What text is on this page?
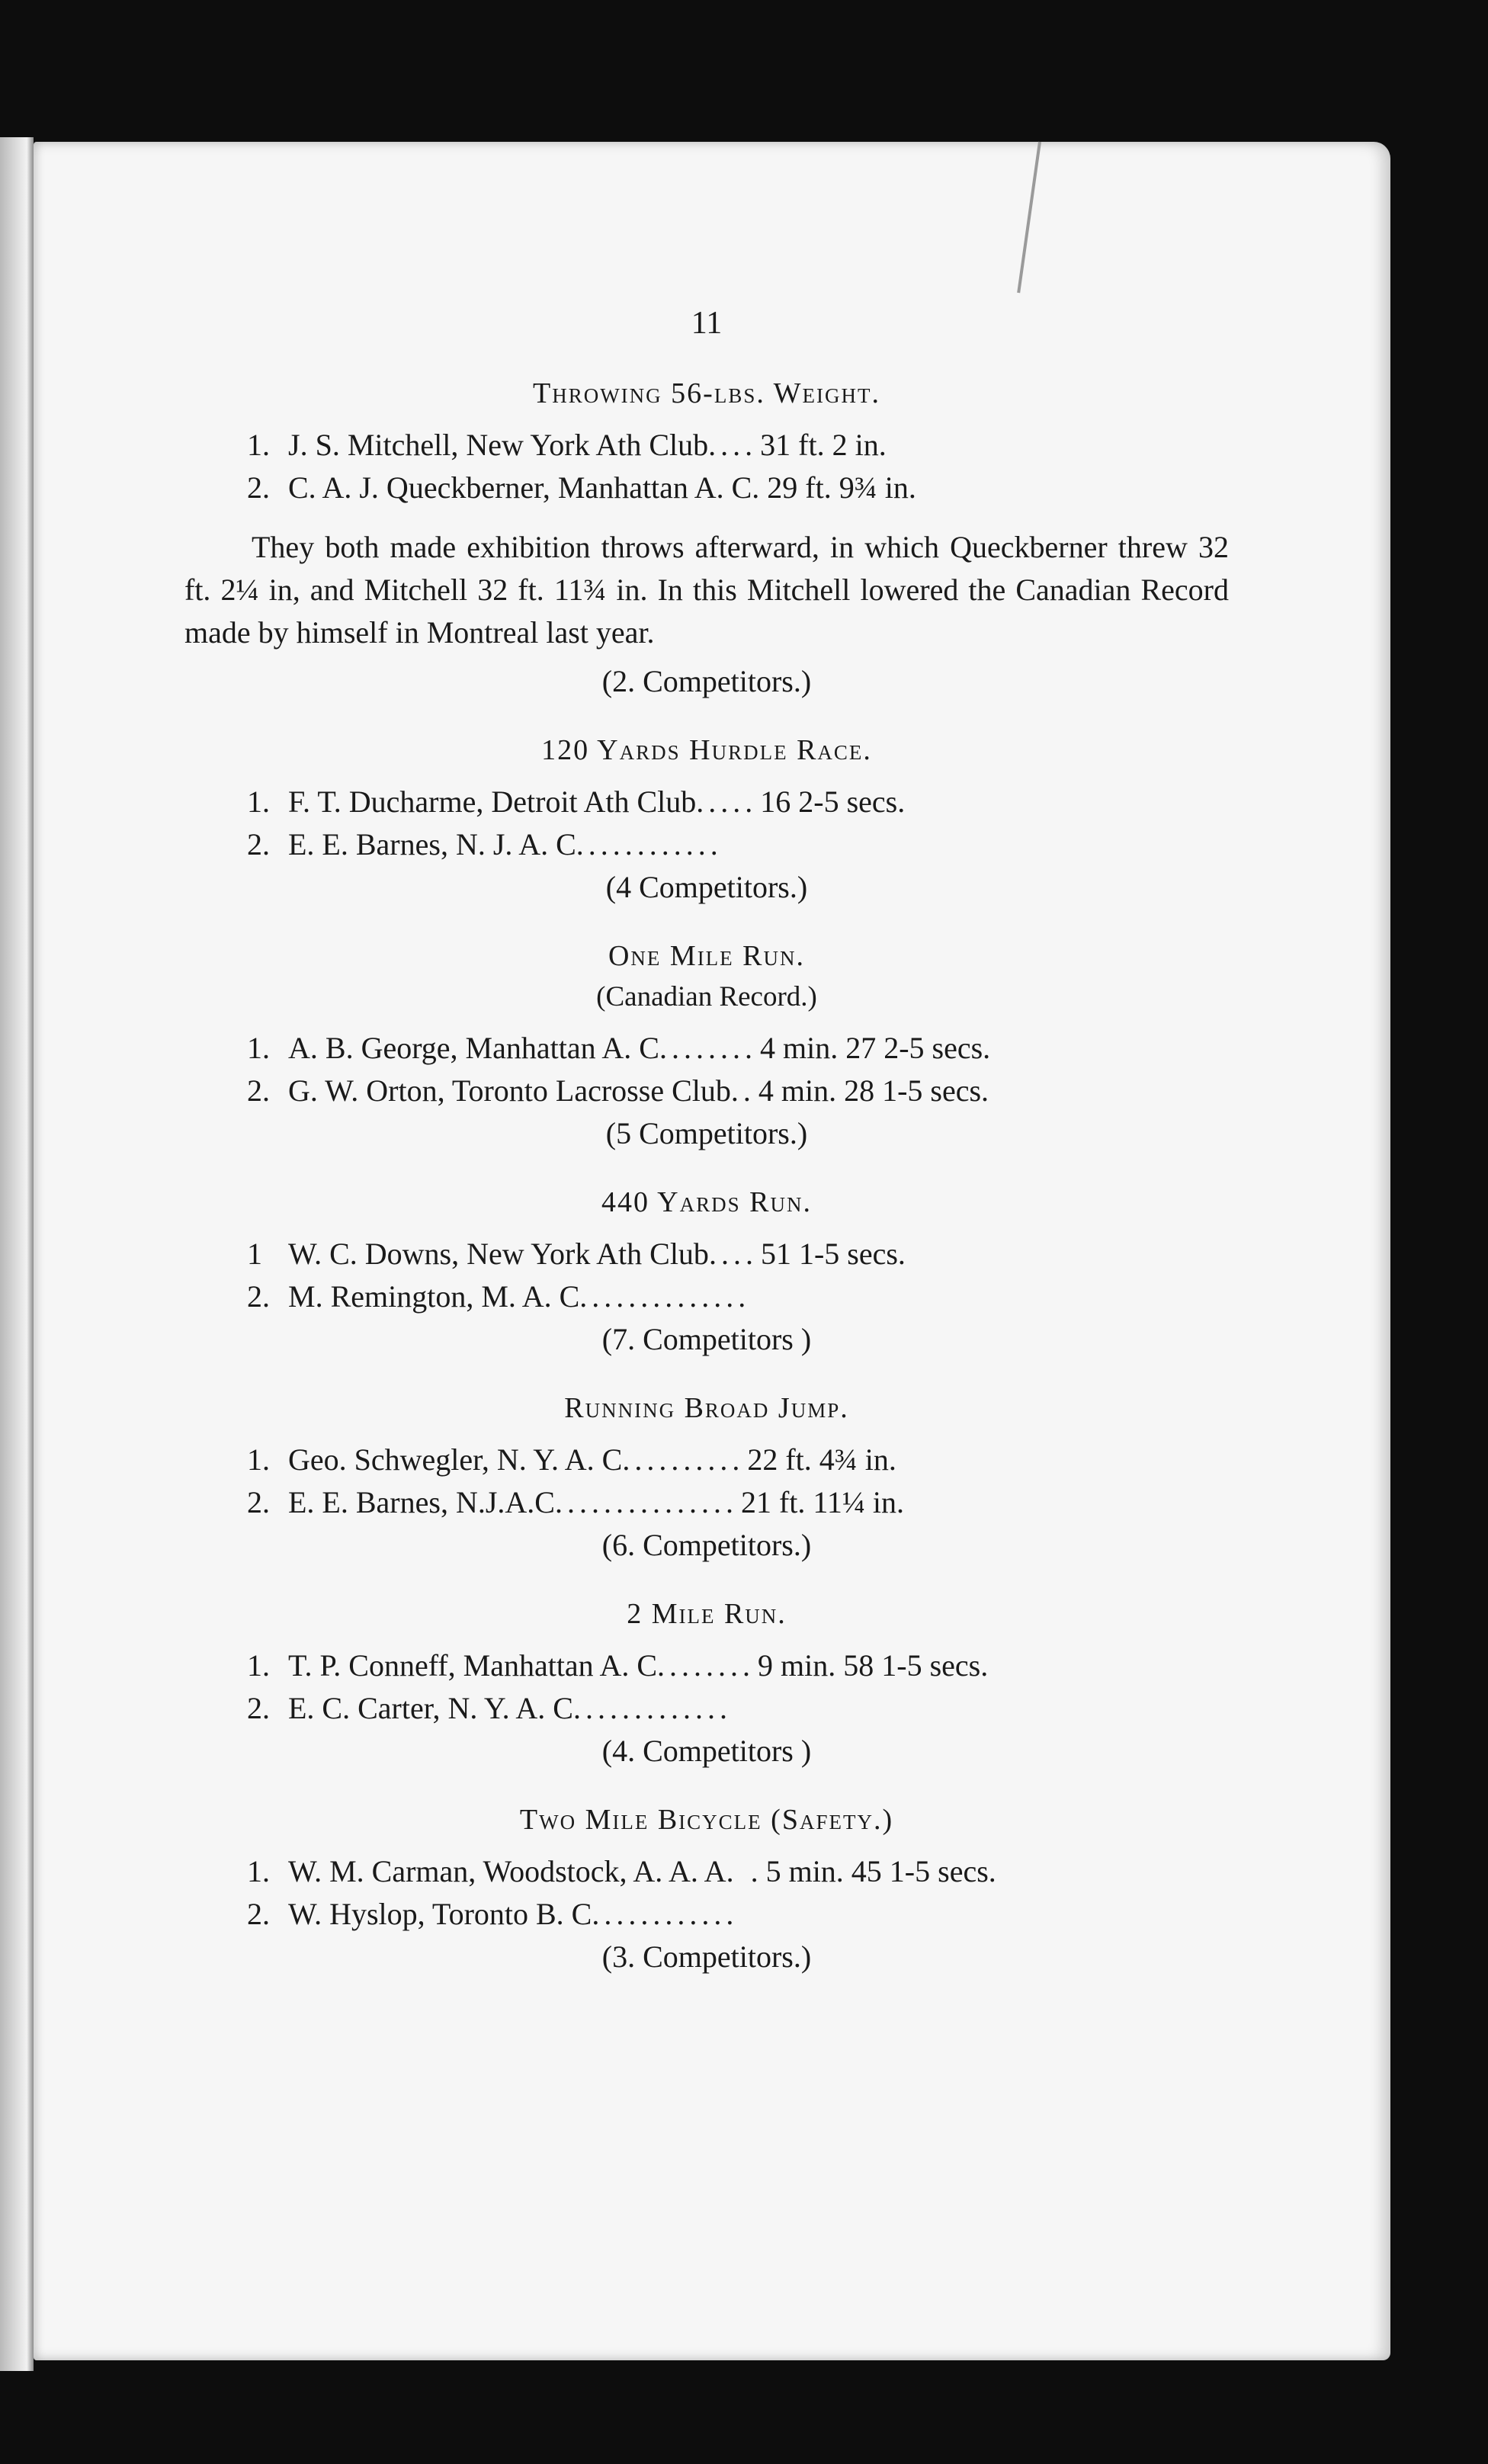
11
Throwing 56-lbs. Weight.
1. J. S. Mitchell, New York Ath Club .... 31 ft. 2 in.
2. C. A. J. Queckberner, Manhattan A. C . 29 ft. 9¾ in.
They both made exhibition throws afterward, in which Queckberner threw 32 ft. 2¼ in, and Mitchell 32 ft. 11¾ in. In this Mitchell lowered the Canadian Record made by himself in Montreal last year.
(2. Competitors.)
120 Yards Hurdle Race.
1. F. T. Ducharme, Detroit Ath Club ..... 16 2-5 secs.
2. E. E. Barnes, N. J. A. C ............
(4 Competitors.)
One Mile Run.
(Canadian Record.)
1. A. B. George, Manhattan A. C ........ 4 min. 27 2-5 secs.
2. G. W. Orton, Toronto Lacrosse Club .. 4 min. 28 1-5 secs.
(5 Competitors.)
440 Yards Run.
1 W. C. Downs, New York Ath Club .... 51 1-5 secs.
2. M. Remington, M. A. C ..............
(7. Competitors )
Running Broad Jump.
1. Geo. Schwegler, N. Y. A. C .......... 22 ft. 4¾ in.
2. E. E. Barnes, N.J.A.C ............... 21 ft. 11¼ in.
(6. Competitors.)
2 Mile Run.
1. T. P. Conneff, Manhattan A. C ........ 9 min. 58 1-5 secs.
2. E. C. Carter, N. Y. A. C .............
(4. Competitors )
Two Mile Bicycle (Safety.)
1. W. M. Carman, Woodstock, A. A. A . . 5 min. 45 1-5 secs.
2. W. Hyslop, Toronto B. C ............
(3. Competitors.)
